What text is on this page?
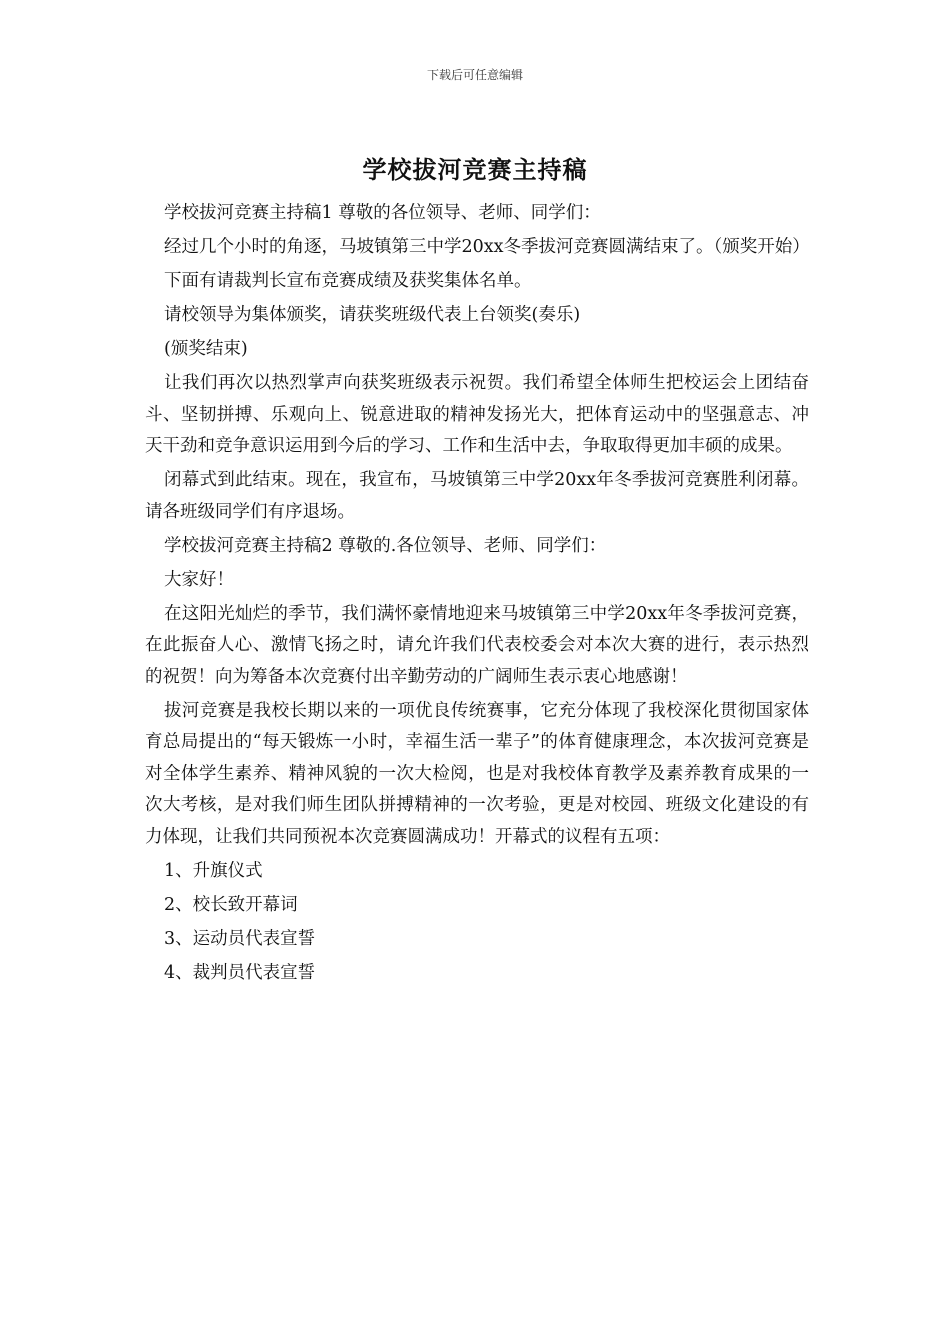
下载后可任意编辑
学校拔河竞赛主持稿

学校拔河竞赛主持稿1 尊敬的各位领导、老师、同学们：

经过几个小时的角逐，马坡镇第三中学20xx冬季拔河竞赛圆满结束了。（颁奖开始）

下面有请裁判长宣布竞赛成绩及获奖集体名单。

请校领导为集体颁奖，请获奖班级代表上台领奖(奏乐)

(颁奖结束)

让我们再次以热烈掌声向获奖班级表示祝贺。我们希望全体师生把校运会上团结奋斗、坚韧拼搏、乐观向上、锐意进取的精神发扬光大，把体育运动中的坚强意志、冲天干劲和竞争意识运用到今后的学习、工作和生活中去，争取取得更加丰硕的成果。

闭幕式到此结束。现在，我宣布，马坡镇第三中学20xx年冬季拔河竞赛胜利闭幕。请各班级同学们有序退场。

学校拔河竞赛主持稿2 尊敬的.各位领导、老师、同学们：

大家好！

在这阳光灿烂的季节，我们满怀豪情地迎来马坡镇第三中学20xx年冬季拔河竞赛，在此振奋人心、激情飞扬之时，请允许我们代表校委会对本次大赛的进行，表示热烈的祝贺！向为筹备本次竞赛付出辛勤劳动的广阔师生表示衷心地感谢！

拔河竞赛是我校长期以来的一项优良传统赛事，它充分体现了我校深化贯彻国家体育总局提出的“每天锻炼一小时，幸福生活一辈子”的体育健康理念，本次拔河竞赛是对全体学生素养、精神风貌的一次大检阅，也是对我校体育教学及素养教育成果的一次大考核，是对我们师生团队拼搏精神的一次考验，更是对校园、班级文化建设的有力体现，让我们共同预祝本次竞赛圆满成功！开幕式的议程有五项：

1、升旗仪式

2、校长致开幕词

3、运动员代表宣誓

4、裁判员代表宣誓
